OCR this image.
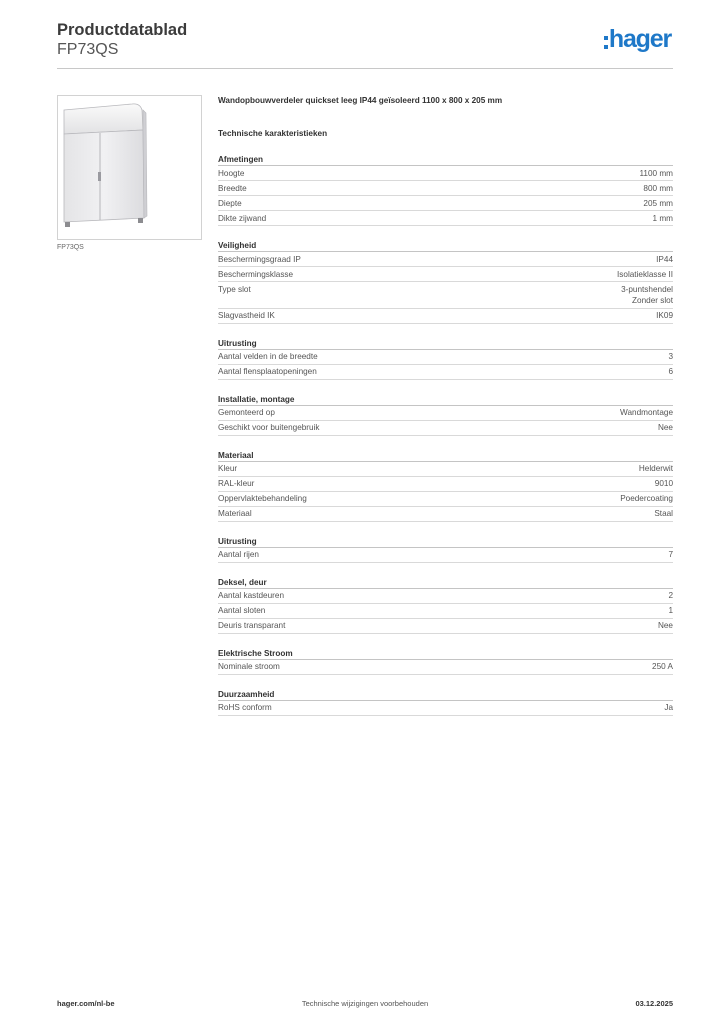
Productdatablad
FP73QS	hager
FP73QS
Wandopbouwverdeler quickset leeg IP44 geïsoleerd 1100 x 800 x 205 mm
Technische karakteristieken
Afmetingen
Hoogte	1100 mm
Breedte	800 mm
Diepte	205 mm
Dikte zijwand	1 mm
Veiligheid
Beschermingsgraad IP	IP44
Beschermingsklasse	Isolatieklasse II
Type slot	3-puntshendel
Zonder slot
Slagvastheid IK	IK09
Uitrusting
Aantal velden in de breedte	3
Aantal flensplaatopeningen	6
Installatie, montage
Gemonteerd op	Wandmontage
Geschikt voor buitengebruik	Nee
Materiaal
Kleur	Helderwit
RAL-kleur	9010
Oppervlaktebehandeling	Poedercoating
Materiaal	Staal
Uitrusting
Aantal rijen	7
Deksel, deur
Aantal kastdeuren	2
Aantal sloten	1
Deuris transparant	Nee
Elektrische Stroom
Nominale stroom	250 A
Duurzaamheid
RoHS conform	Ja
hager.com/nl-be	Technische wijzigingen voorbehouden	03.12.2025
